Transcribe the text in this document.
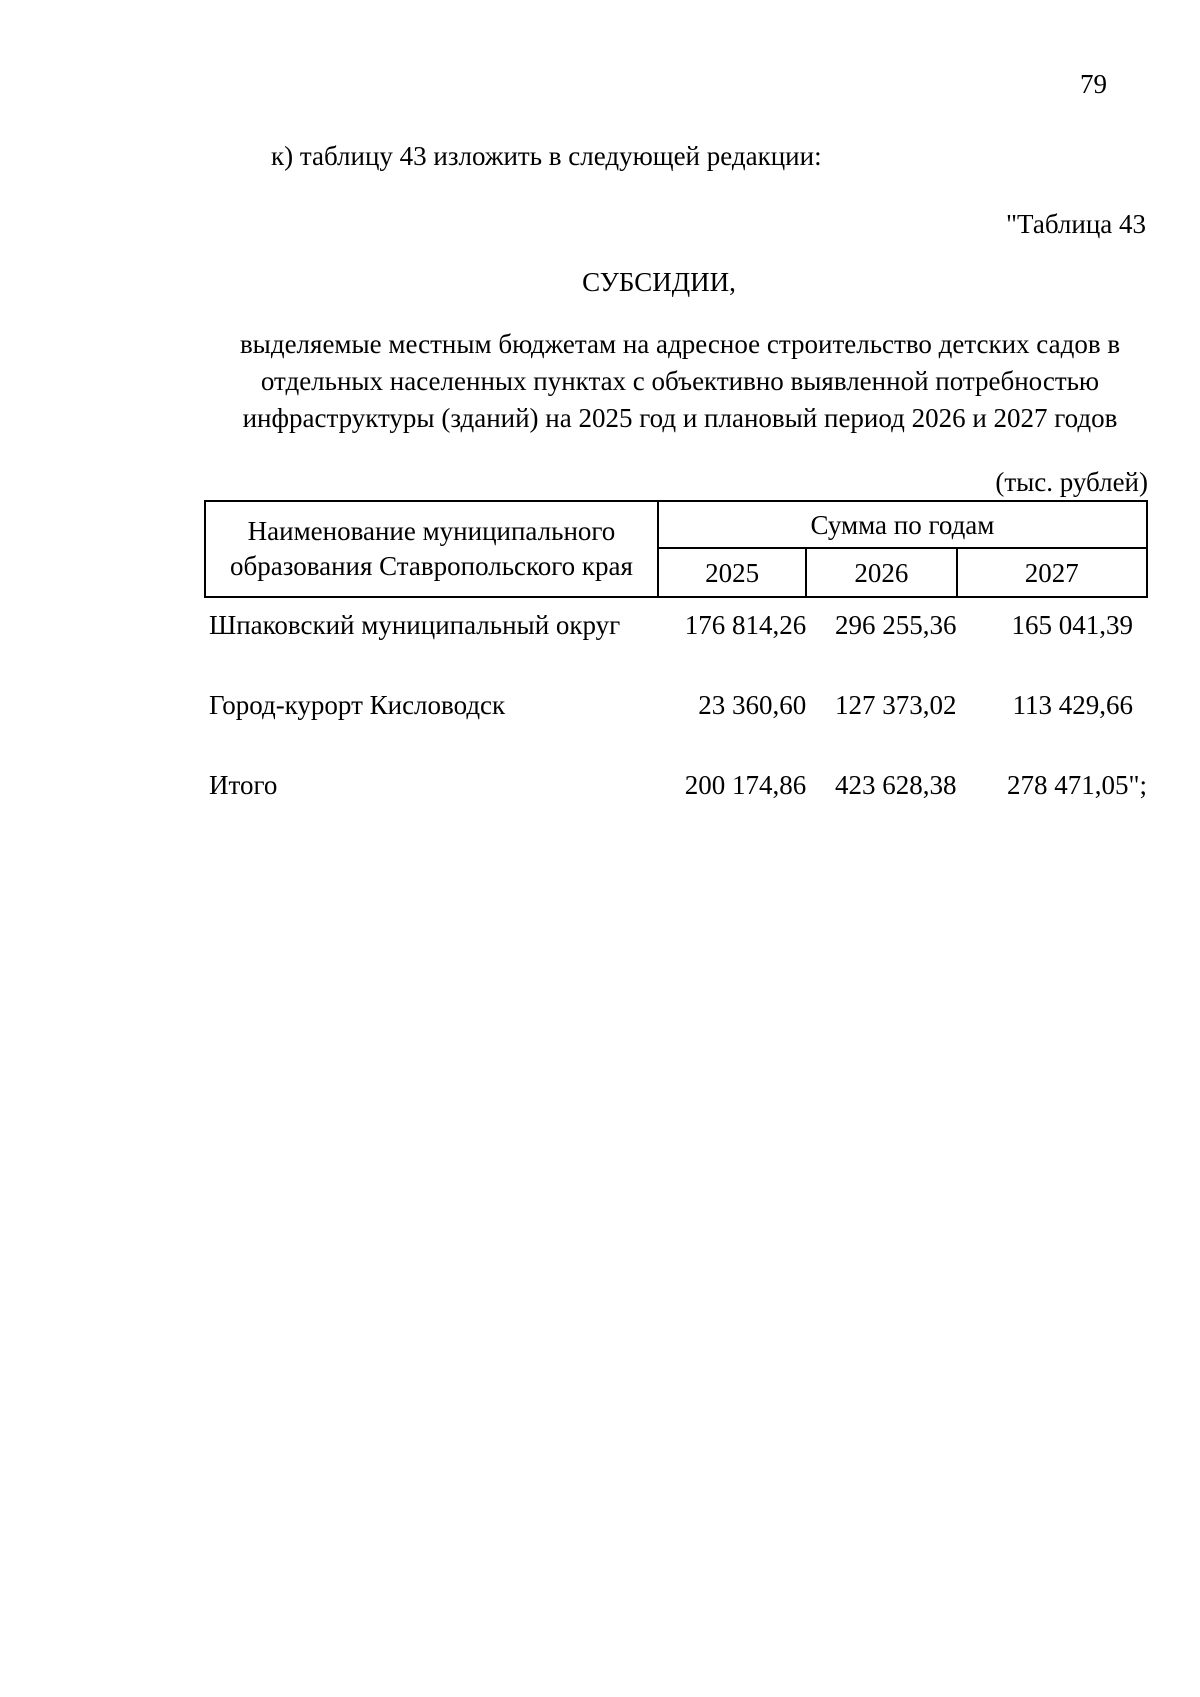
79
к) таблицу 43 изложить в следующей редакции:
"Таблица 43
СУБСИДИИ,
выделяемые местным бюджетам на адресное строительство детских садов в
отдельных населенных пунктах с объективно выявленной потребностью
инфраструктуры (зданий) на 2025 год и плановый период 2026 и 2027 годов
(тыс. рублей)
Наименование муниципального
образования Ставропольского края	Сумма по годам		
	2025	2026	2027
Шпаковский муниципальный округ	176 814,26	296 255,36	165 041,39
Город-курорт Кисловодск	23 360,60	127 373,02	113 429,66
Итого	200 174,86	423 628,38	278 471,05";
